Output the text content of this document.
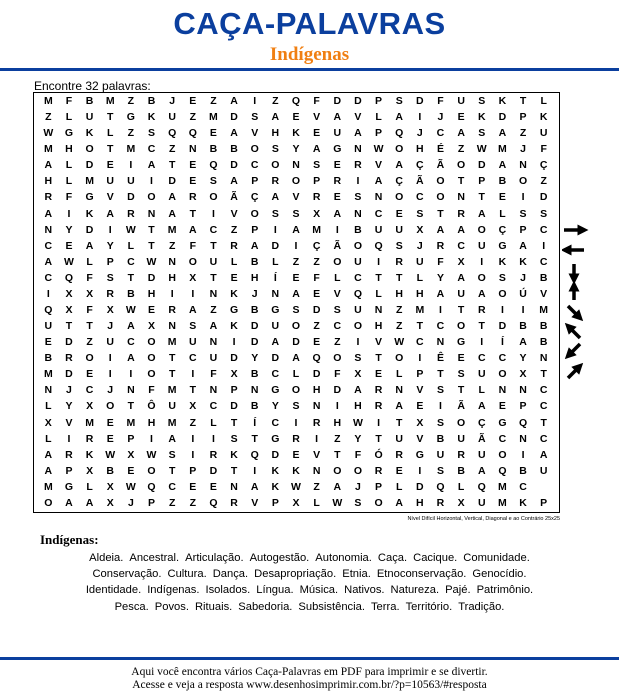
CAÇA-PALAVRAS
Indígenas
Encontre 32 palavras:
M	F	B	M	Z	B	J	E	Z	A	I	Z	Q	F	D	D	P	S	D	F	U	S	K	T	L
Z	L	U	T	G	K	U	Z	M	D	S	A	E	V	A	V	L	A	I	J	E	K	D	P	K
W	G	K	L	Z	S	Q	Q	E	A	V	H	K	E	U	A	P	Q	J	C	A	S	A	Z	U
M	H	O	T	M	C	Z	N	B	B	O	S	Y	A	G	N	W	O	H	É	Z	W	M	J	F
A	L	D	E	I	A	T	E	Q	D	C	O	N	S	E	R	V	A	Ç	Ã	O	D	A	N	Ç
H	L	M	U	U	I	D	E	S	A	P	R	O	P	R	I	A	Ç	Ã	O	T	P	B	O	Z
R	F	G	V	D	O	A	R	O	Ã	Ç	A	V	R	E	S	N	O	C	O	N	T	E	I	D
A	I	K	A	R	N	A	T	I	V	O	S	S	X	A	N	C	E	S	T	R	A	L	S	S
N	Y	D	I	W	T	M	A	C	Z	P	I	A	M	I	B	U	U	X	A	A	O	Ç	P	C
C	E	A	Y	L	T	Z	F	T	R	A	D	I	Ç	Ã	O	Q	S	J	R	C	U	G	A	I
A	W	L	P	C	W	N	O	U	L	B	L	Z	Z	O	U	I	R	U	F	X	I	K	K	C
C	Q	F	S	T	D	H	X	T	E	H	Í	E	F	L	C	T	T	L	Y	A	O	S	J	B
I	X	X	R	B	H	I	I	N	K	J	N	A	E	V	Q	L	H	H	A	U	A	O	Ú	V
Q	X	F	X	W	E	R	A	Z	G	B	G	S	D	S	U	N	Z	M	I	T	R	I	I	M
U	T	T	J	A	X	N	S	A	K	D	U	O	Z	C	O	H	Z	T	C	O	T	D	B	B
E	D	Z	U	C	O	M	U	N	I	D	A	D	E	Z	I	V	W	C	N	G	I	Í	A	B
B	R	O	I	A	O	T	C	U	D	Y	D	A	Q	O	S	T	O	I	Ê	E	C	C	Y	N
M	D	E	I	I	O	T	I	F	X	B	C	L	D	F	X	E	L	P	T	S	U	O	X	T
N	J	C	J	N	F	M	T	N	P	N	G	O	H	D	A	R	N	V	S	T	L	N	N	C
L	Y	X	O	T	Ô	U	X	C	D	B	Y	S	N	I	H	R	A	E	I	Ã	A	E	P	C
X	V	M	E	M	H	M	Z	L	T	Í	C	I	R	H	W	I	T	X	S	O	Ç	G	Q	T
L	I	R	E	P	I	A	I	I	S	T	G	R	I	Z	Y	T	U	V	B	U	Ã	C	N	C
A	R	K	W	X	W	S	I	R	K	Q	D	E	V	T	F	Ó	R	G	U	R	U	O	I	A
A	P	X	B	E	O	T	P	D	T	I	K	K	N	O	O	R	E	I	S	B	A	Q	B	U
M	G	L	X	W	Q	C	E	E	N	A	K	W	Z	A	J	P	L	D	Q	L	Q	M	C
O	A	A	X	J	P	Z	Z	Q	R	V	P	X	L	W	S	O	A	H	R	X	U	M	K	P
Nível Difícil Horizontal, Vertical, Diagonal e ao Contrário 25x25
Indígenas:
Aldeia. Ancestral. Articulação. Autogestão. Autonomia. Caça. Cacique. Comunidade.
Conservação. Cultura. Dança. Desapropriação. Etnia. Etnoconservação. Genocídio.
Identidade. Indígenas. Isolados. Língua. Música. Nativos. Natureza. Pajé. Patrimônio.
Pesca. Povos. Rituais. Sabedoria. Subsistência. Terra. Território. Tradição.
Aqui você encontra vários Caça-Palavras em PDF para imprimir e se divertir.
Acesse e veja a resposta www.desenhosimprimir.com.br/?p=10563/#resposta
